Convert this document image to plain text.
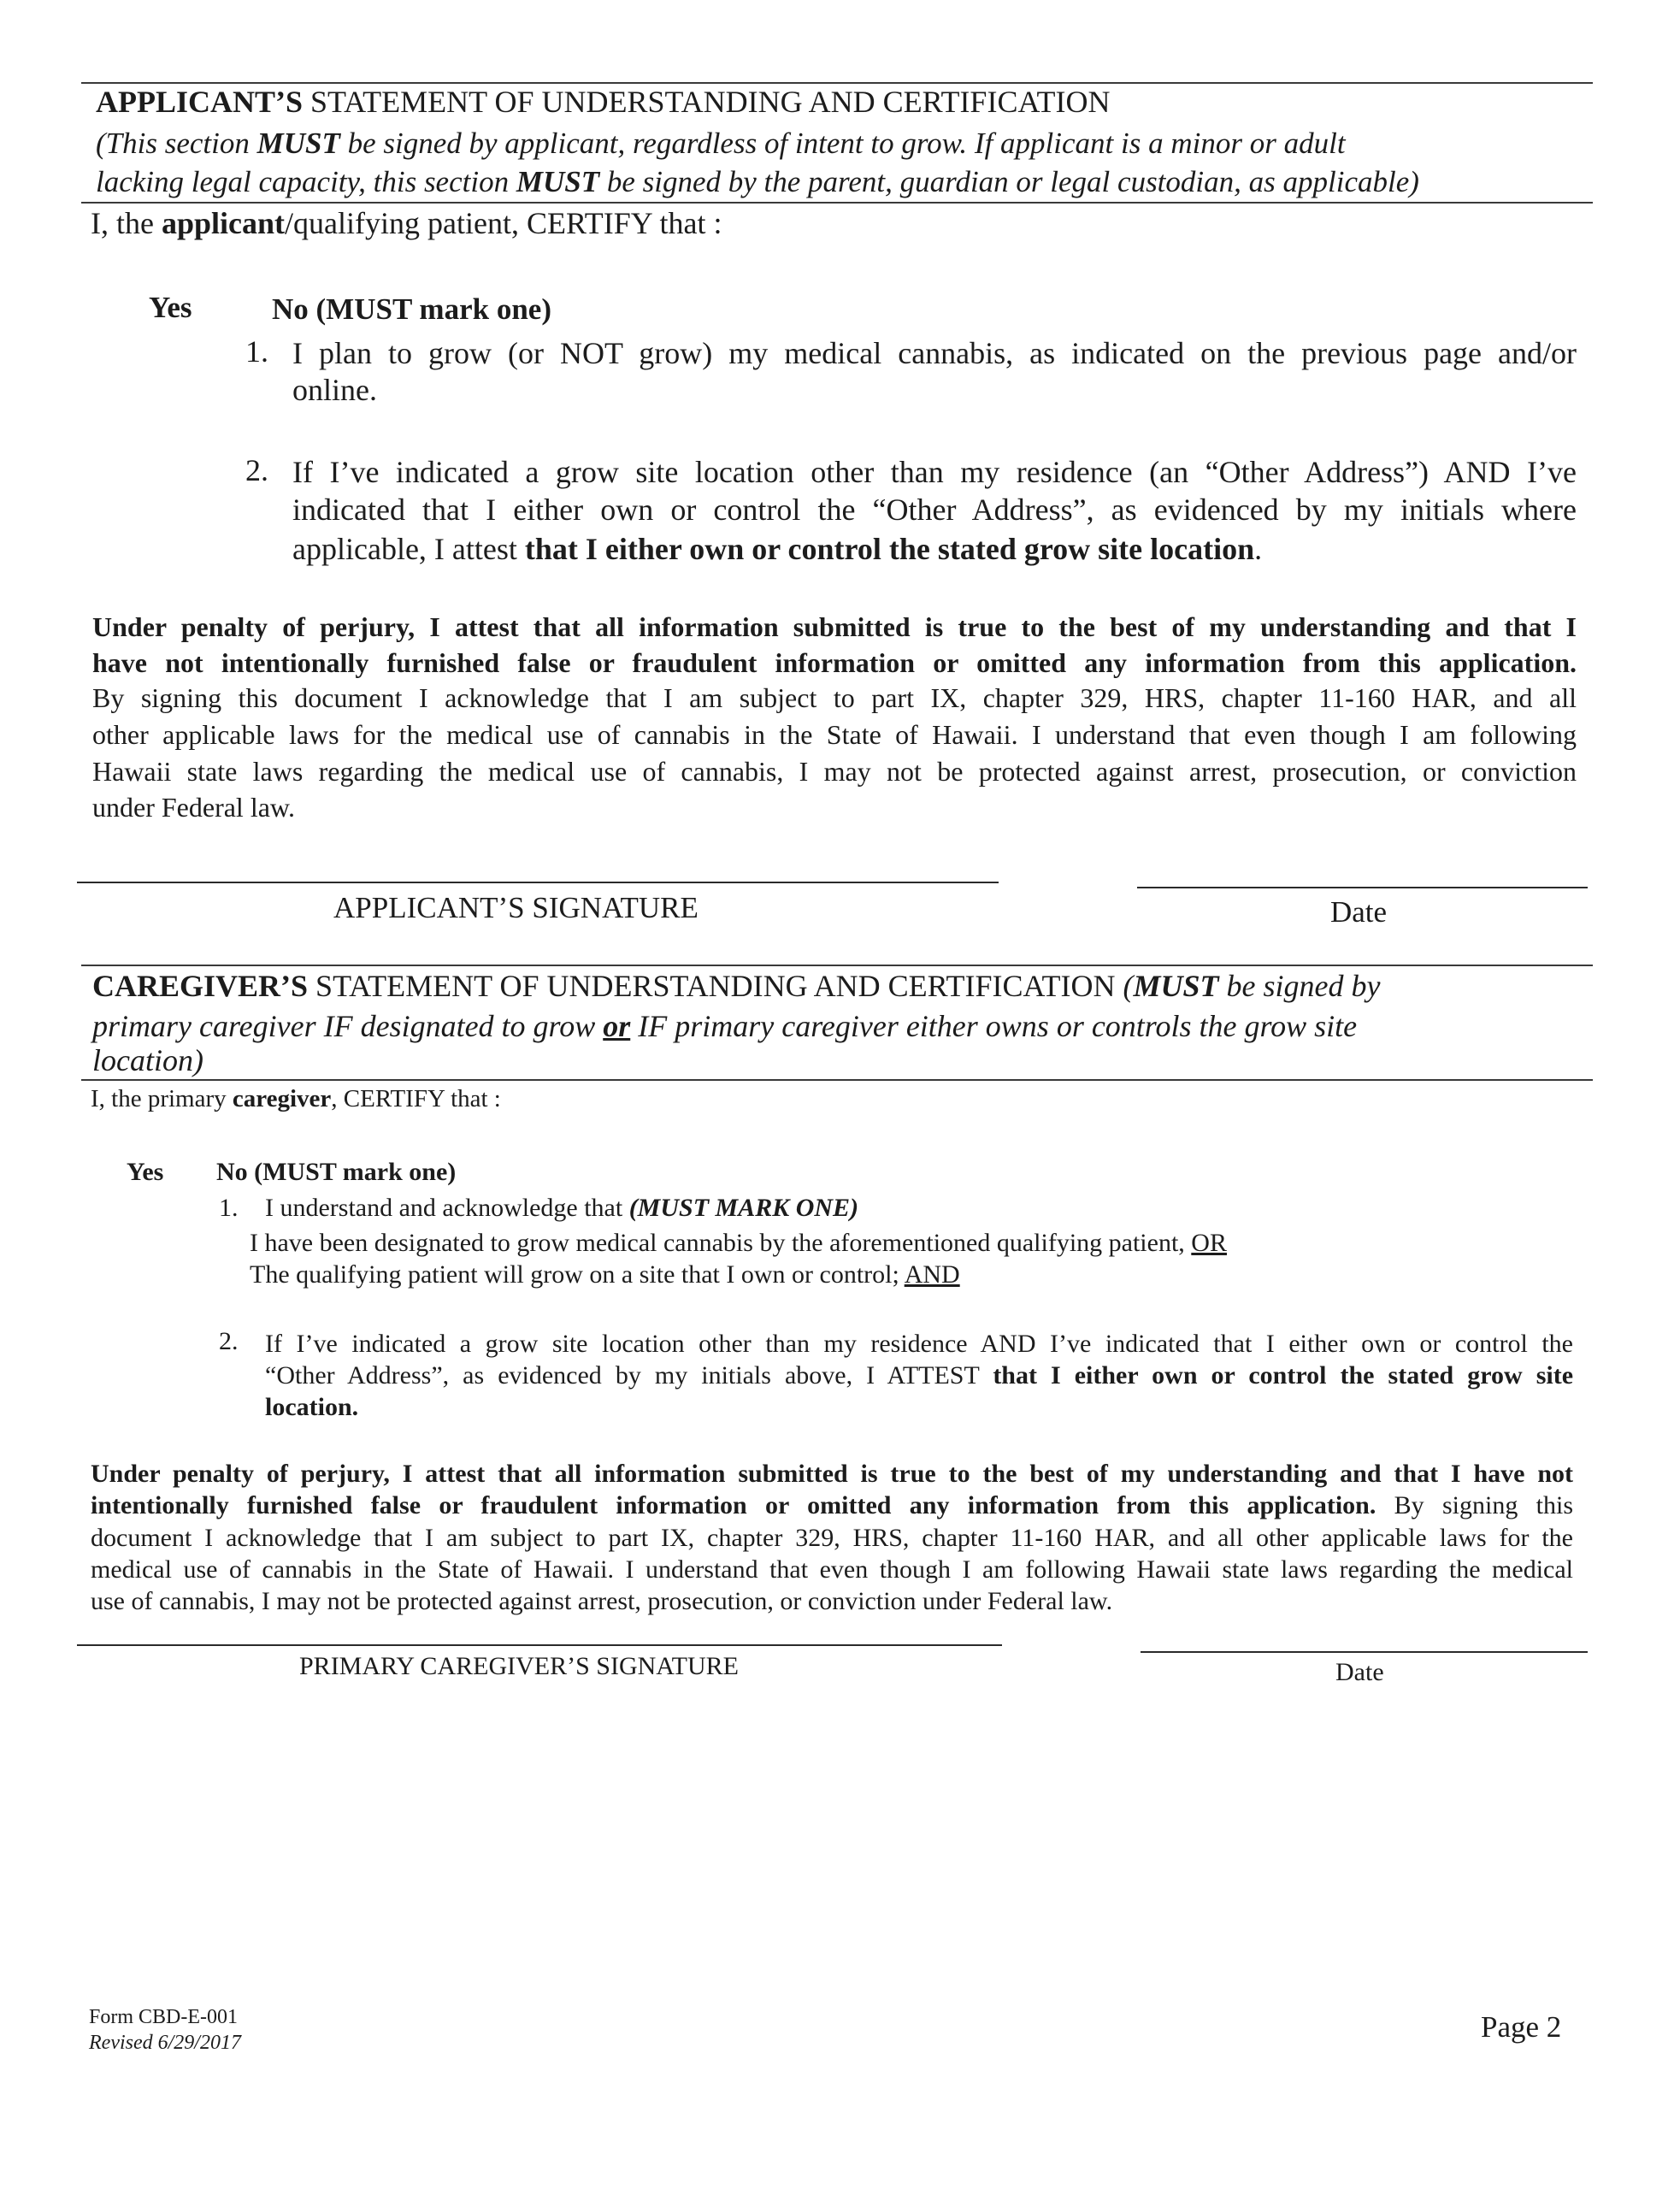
APPLICANT’S STATEMENT OF UNDERSTANDING AND CERTIFICATION
(This section MUST be signed by applicant, regardless of intent to grow. If applicant is a minor or adult
lacking legal capacity, this section MUST be signed by the parent, guardian or legal custodian, as applicable)
I, the applicant/qualifying patient, CERTIFY that :
Yes	No (MUST mark one)
1. I plan to grow (or NOT grow) my medical cannabis, as indicated on the previous page and/or
online.
2. If I’ve indicated a grow site location other than my residence (an “Other Address”) AND I’ve
indicated that I either own or control the “Other Address”, as evidenced by my initials where
applicable, I attest that I either own or control the stated grow site location.
Under penalty of perjury, I attest that all information submitted is true to the best of my understanding and that I
have not intentionally furnished false or fraudulent information or omitted any information from this application.
By signing this document I acknowledge that I am subject to part IX, chapter 329, HRS, chapter 11-160 HAR, and all
other applicable laws for the medical use of cannabis in the State of Hawaii. I understand that even though I am following
Hawaii state laws regarding the medical use of cannabis, I may not be protected against arrest, prosecution, or conviction
under Federal law.
APPLICANT’S SIGNATURE	Date
CAREGIVER’S STATEMENT OF UNDERSTANDING AND CERTIFICATION (MUST be signed by
primary caregiver IF designated to grow or IF primary caregiver either owns or controls the grow site
location)
I, the primary caregiver, CERTIFY that :
Yes No (MUST mark one)
1. I understand and acknowledge that (MUST MARK ONE)
I have been designated to grow medical cannabis by the aforementioned qualifying patient, OR
The qualifying patient will grow on a site that I own or control; AND
2. If I’ve indicated a grow site location other than my residence AND I’ve indicated that I either own or control the
“Other Address”, as evidenced by my initials above, I ATTEST that I either own or control the stated grow site
location.
Under penalty of perjury, I attest that all information submitted is true to the best of my understanding and that I have not
intentionally furnished false or fraudulent information or omitted any information from this application. By signing this
document I acknowledge that I am subject to part IX, chapter 329, HRS, chapter 11-160 HAR, and all other applicable laws for the
medical use of cannabis in the State of Hawaii. I understand that even though I am following Hawaii state laws regarding the medical
use of cannabis, I may not be protected against arrest, prosecution, or conviction under Federal law.
PRIMARY CAREGIVER’S SIGNATURE	Date
Form CBD-E-001
Revised 6/29/2017	Page 2
